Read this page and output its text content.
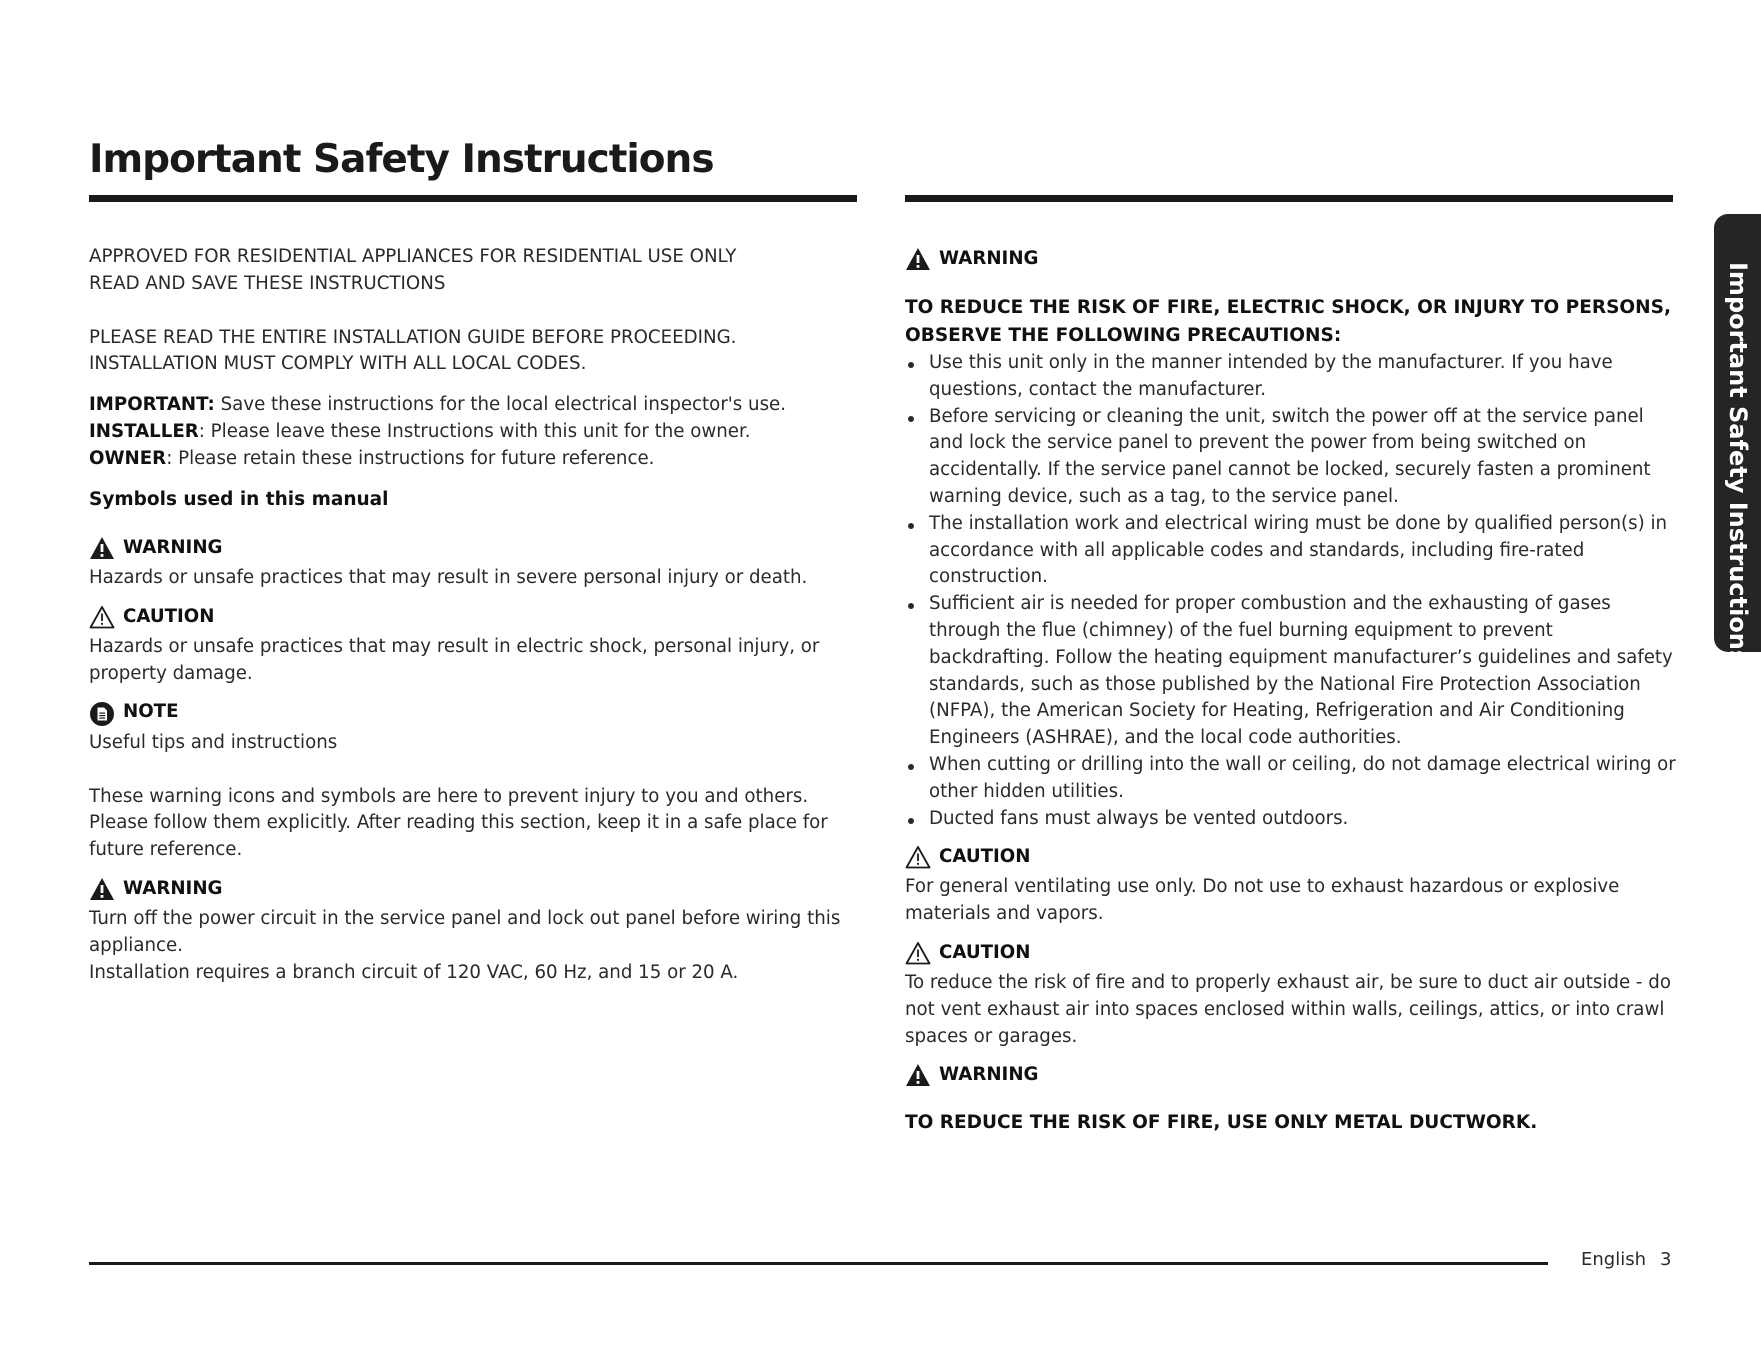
Important Safety Instructions

APPROVED FOR RESIDENTIAL APPLIANCES FOR RESIDENTIAL USE ONLY

READ AND SAVE THESE INSTRUCTIONS

PLEASE READ THE ENTIRE INSTALLATION GUIDE BEFORE PROCEEDING.

INSTALLATION MUST COMPLY WITH ALL LOCAL CODES.

IMPORTANT: Save these instructions for the local electrical inspector's use.

INSTALLER: Please leave these Instructions with this unit for the owner.

OWNER: Please retain these instructions for future reference.

Symbols used in this manual

WARNING

Hazards or unsafe practices that may result in severe personal injury or death.

CAUTION

Hazards or unsafe practices that may result in electric shock, personal injury, or property damage.

NOTE

Useful tips and instructions

These warning icons and symbols are here to prevent injury to you and others. Please follow them explicitly. After reading this section, keep it in a safe place for future reference.

WARNING

Turn off the power circuit in the service panel and lock out panel before wiring this appliance.

Installation requires a branch circuit of 120 VAC, 60 Hz, and 15 or 20 A.

WARNING

TO REDUCE THE RISK OF FIRE, ELECTRIC SHOCK, OR INJURY TO PERSONS, OBSERVE THE FOLLOWING PRECAUTIONS:

Use this unit only in the manner intended by the manufacturer. If you have questions, contact the manufacturer.
Before servicing or cleaning the unit, switch the power off at the service panel and lock the service panel to prevent the power from being switched on accidentally. If the service panel cannot be locked, securely fasten a prominent warning device, such as a tag, to the service panel.
The installation work and electrical wiring must be done by qualified person(s) in accordance with all applicable codes and standards, including fire-rated construction.
Sufficient air is needed for proper combustion and the exhausting of gases through the flue (chimney) of the fuel burning equipment to prevent backdrafting. Follow the heating equipment manufacturer’s guidelines and safety standards, such as those published by the National Fire Protection Association (NFPA), the American Society for Heating, Refrigeration and Air Conditioning Engineers (ASHRAE), and the local code authorities.
When cutting or drilling into the wall or ceiling, do not damage electrical wiring or other hidden utilities.
Ducted fans must always be vented outdoors.
CAUTION

For general ventilating use only. Do not use to exhaust hazardous or explosive materials and vapors.

CAUTION

To reduce the risk of fire and to properly exhaust air, be sure to duct air outside - do not vent exhaust air into spaces enclosed within walls, ceilings, attics, or into crawl spaces or garages.

WARNING

TO REDUCE THE RISK OF FIRE, USE ONLY METAL DUCTWORK.

Important Safety Instructions
English 3
